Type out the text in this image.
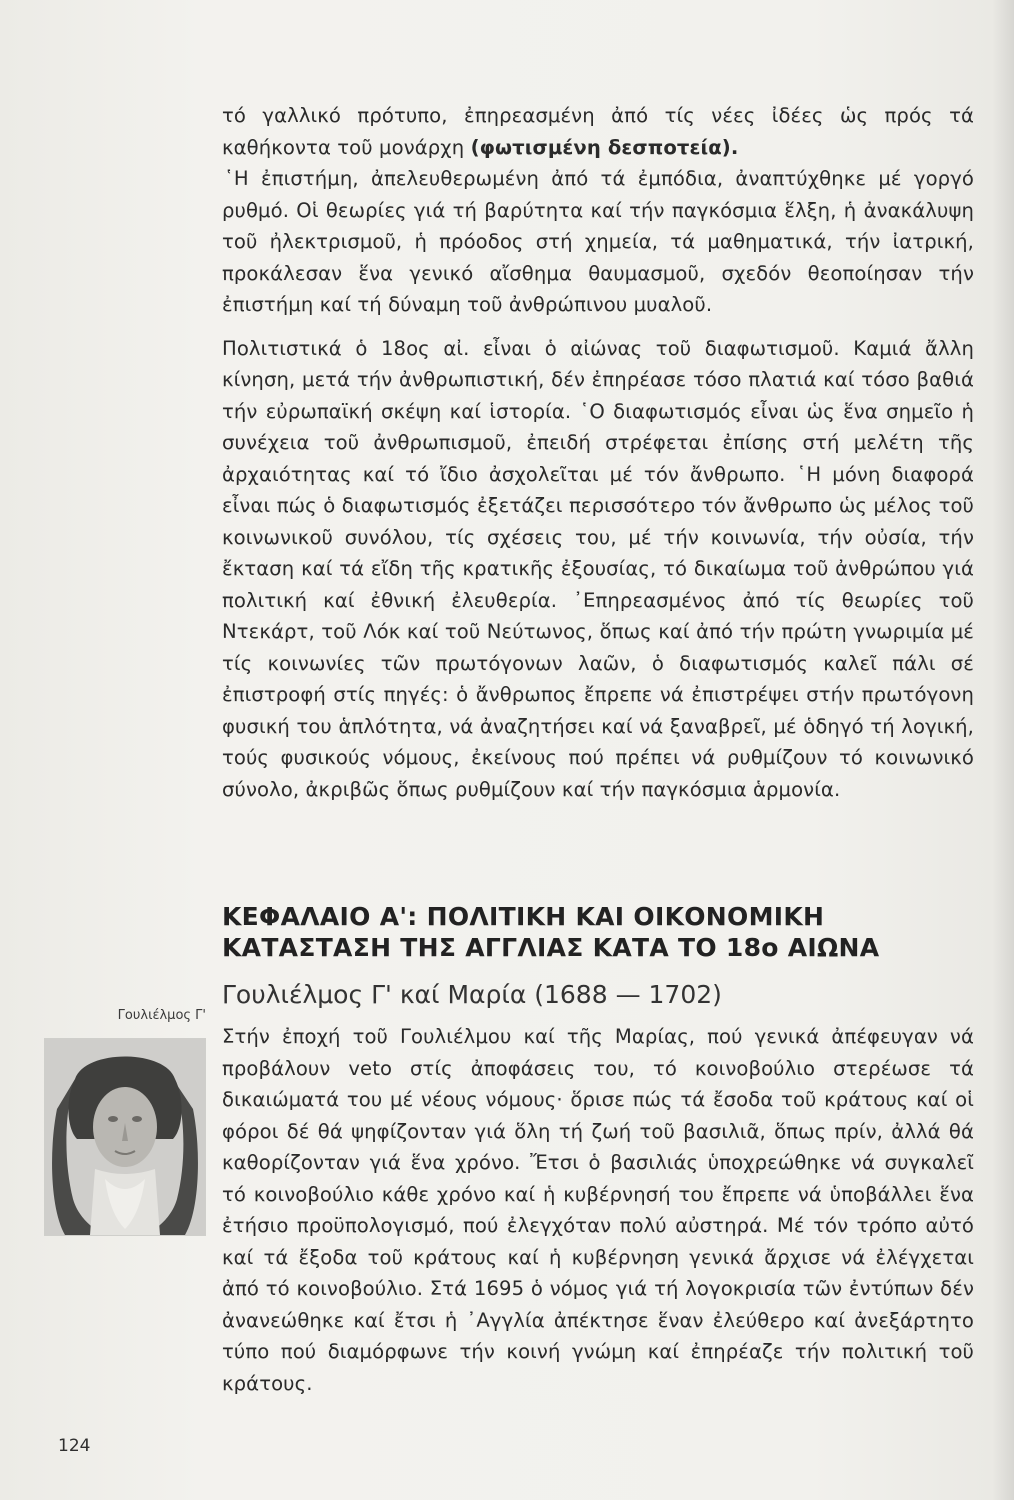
τό γαλλικό πρότυπο, ἐπηρεασμένη ἀπό τίς νέες ἰδέες ὡς πρός τά καθήκοντα τοῦ μονάρχη (φωτισμένη δεσποτεία).

῾Η ἐπιστήμη, ἀπελευθερωμένη ἀπό τά ἐμπόδια, ἀναπτύχθηκε μέ γοργό ρυθμό. Οἱ θεωρίες γιά τή βαρύτητα καί τήν παγκόσμια ἕλξη, ἡ ἀνακάλυψη τοῦ ἠλεκτρισμοῦ, ἡ πρόοδος στή χημεία, τά μαθηματικά, τήν ἰατρική, προκάλεσαν ἕνα γενικό αἴσθημα θαυμασμοῦ, σχεδόν θεοποίησαν τήν ἐπιστήμη καί τή δύναμη τοῦ ἀνθρώπινου μυαλοῦ.

Πολιτιστικά ὁ 18ος αἰ. εἶναι ὁ αἰώνας τοῦ διαφωτισμοῦ. Καμιά ἄλλη κίνηση, μετά τήν ἀνθρωπιστική, δέν ἐπηρέασε τόσο πλατιά καί τόσο βαθιά τήν εὐρωπαϊκή σκέψη καί ἱστορία. ῾Ο διαφωτισμός εἶναι ὡς ἕνα σημεῖο ἡ συνέχεια τοῦ ἀνθρωπισμοῦ, ἐπειδή στρέφεται ἐπίσης στή μελέτη τῆς ἀρχαιότητας καί τό ἴδιο ἀσχολεῖται μέ τόν ἄνθρωπο. ῾Η μόνη διαφορά εἶναι πώς ὁ διαφωτισμός ἐξετάζει περισσότερο τόν ἄνθρωπο ὡς μέλος τοῦ κοινωνικοῦ συνόλου, τίς σχέσεις του, μέ τήν κοινωνία, τήν οὐσία, τήν ἔκταση καί τά εἴδη τῆς κρατικῆς ἐξουσίας, τό δικαίωμα τοῦ ἀνθρώπου γιά πολιτική καί ἐθνική ἐλευθερία. ᾽Επηρεασμένος ἀπό τίς θεωρίες τοῦ Ντεκάρτ, τοῦ Λόκ καί τοῦ Νεύτωνος, ὅπως καί ἀπό τήν πρώτη γνωριμία μέ τίς κοινωνίες τῶν πρωτόγονων λαῶν, ὁ διαφωτισμός καλεῖ πάλι σέ ἐπιστροφή στίς πηγές: ὁ ἄνθρωπος ἔπρεπε νά ἐπιστρέψει στήν πρωτόγονη φυσική του ἁπλότητα, νά ἀναζητήσει καί νά ξαναβρεῖ, μέ ὁδηγό τή λογική, τούς φυσικούς νόμους, ἐκείνους πού πρέπει νά ρυθμίζουν τό κοινωνικό σύνολο, ἀκριβῶς ὅπως ρυθμίζουν καί τήν παγκόσμια ἁρμονία.

ΚΕΦΑΛΑΙΟ Α': ΠΟΛΙΤΙΚΗ ΚΑΙ ΟΙΚΟΝΟΜΙΚΗ
ΚΑΤΑΣΤΑΣΗ ΤΗΣ ΑΓΓΛΙΑΣ ΚΑΤΑ ΤΟ 18ο ΑΙΩΝΑ
Γουλιέλμος Γ' καί Μαρία (1688 — 1702)

Στήν ἐποχή τοῦ Γουλιέλμου καί τῆς Μαρίας, πού γενικά ἀπέφευγαν νά προβάλουν veto στίς ἀποφάσεις του, τό κοινοβούλιο στερέωσε τά δικαιώματά του μέ νέους νόμους· ὅρισε πώς τά ἔσοδα τοῦ κράτους καί οἱ φόροι δέ θά ψηφίζονταν γιά ὅλη τή ζωή τοῦ βασιλιᾶ, ὅπως πρίν, ἀλλά θά καθορίζονταν γιά ἕνα χρόνο. Ἔτσι ὁ βασιλιάς ὑποχρεώθηκε νά συγκαλεῖ τό κοινοβούλιο κάθε χρόνο καί ἡ κυβέρνησή του ἔπρεπε νά ὑποβάλλει ἕνα ἐτήσιο προϋπολογισμό, πού ἐλεγχόταν πολύ αὐστηρά. Μέ τόν τρόπο αὐτό καί τά ἔξοδα τοῦ κράτους καί ἡ κυβέρνηση γενικά ἄρχισε νά ἐλέγχεται ἀπό τό κοινοβούλιο. Στά 1695 ὁ νόμος γιά τή λογοκρισία τῶν ἐντύπων δέν ἀνανεώθηκε καί ἔτσι ἡ ᾽Αγγλία ἀπέκτησε ἕναν ἐλεύθερο καί ἀνεξάρτητο τύπο πού διαμόρφωνε τήν κοινή γνώμη καί ἐπηρέαζε τήν πολιτική τοῦ κράτους.

Γουλιέλμος Γ'
124
